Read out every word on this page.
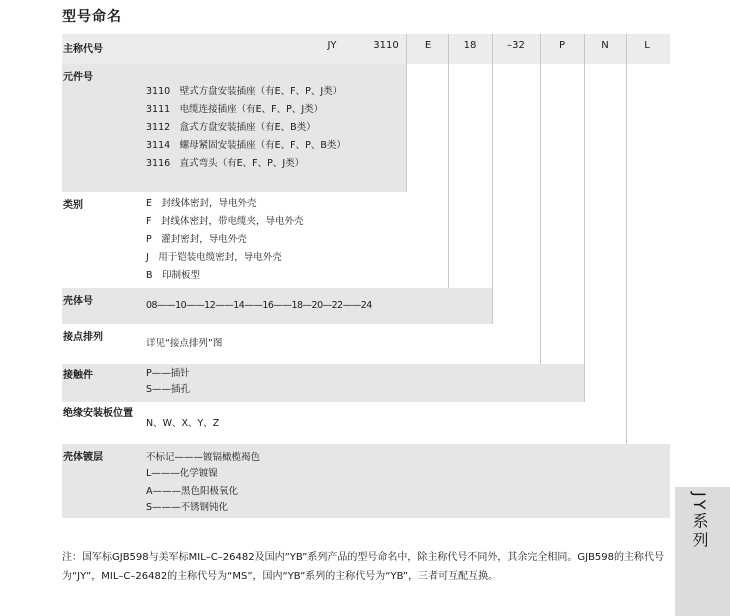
型号命名
主称代号	JY	3110	E	18	–32	P	N	L
元件号
3110　壁式方盘安装插座（有E、F、P、J类）
3111　电缆连接插座（有E、F、P、J类）
3112　盒式方盘安装插座（有E、B类）
3114　螺母紧固安装插座（有E、F、P、B类）
3116　直式弯头（有E、F、P、J类）
类别	E　封线体密封，导电外壳
F　封线体密封，带电缆夹，导电外壳
P　灌封密封，导电外壳
J　用于铠装电缆密封，导电外壳
B　印制板型
壳体号	08——10——12——14——16——18—20—22——24
接点排列
详见“接点排列”图
接触件	P——插针
S——插孔
绝缘安装板位置
N、W、X、Y、Z
壳体镀层	不标记———镀镉橄榄褐色
L———化学镀镍
A———黑色阳极氧化
S———不锈钢钝化
注：国军标GJB598与美军标MIL–C–26482及国内”YB”系列产品的型号命名中，除主称代号不同外，其余完全相同。GJB598的主称代号为“JY”，MIL–C–26482的主称代号为“MS”，国内“YB”系列的主称代号为“YB”，三者可互配互换。
JY系列
